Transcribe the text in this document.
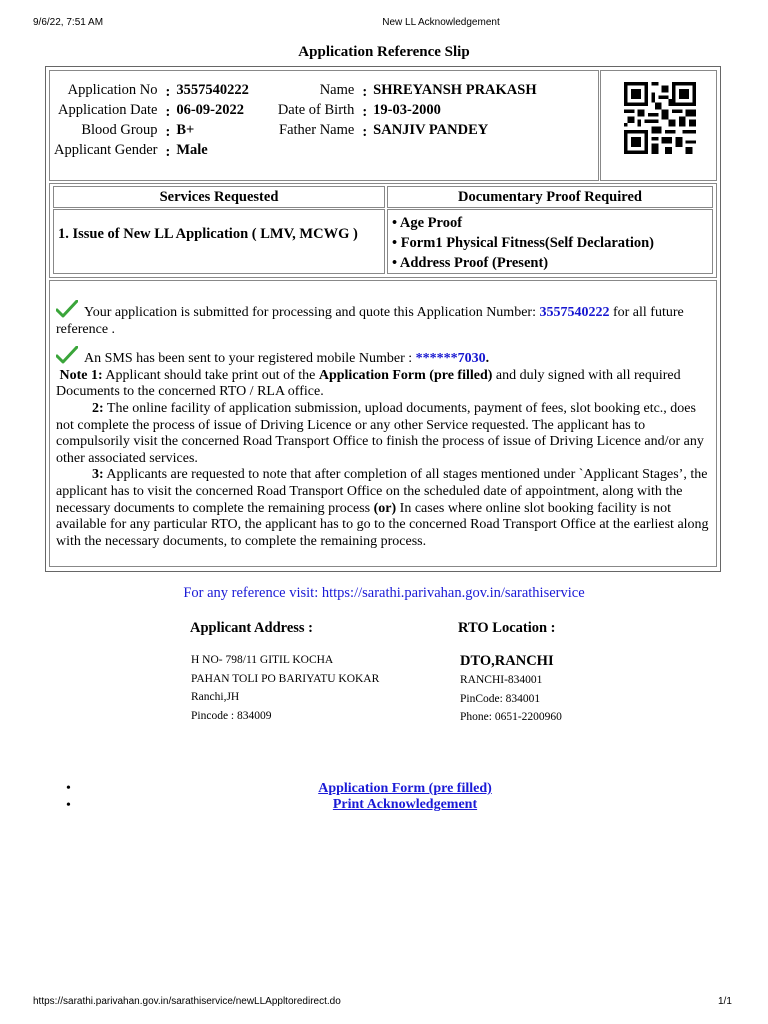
9/6/22, 7:51 AM	New LL Acknowledgement
Application Reference Slip
Application No	:	3557540222	Name	:	SHREYANSH PRAKASH
Application Date	:	06-09-2022	Date of Birth	:	19-03-2000
Blood Group	:	B+	Father Name	:	SANJIV PANDEY
Applicant Gender	:	Male			
Services Requested	Documentary Proof Required
1. Issue of New LL Application ( LMV, MCWG )
• Age Proof
• Form1 Physical Fitness(Self Declaration)
• Address Proof (Present)

Your application is submitted for processing and quote this Application Number: 3557540222 for all future reference .

An SMS has been sent to your registered mobile Number : ******7030.

Note 1: Applicant should take print out of the Application Form (pre filled) and duly signed with all required Documents to the concerned RTO / RLA office.

2: The online facility of application submission, upload documents, payment of fees, slot booking etc., does not complete the process of issue of Driving Licence or any other Service requested. The applicant has to compulsorily visit the concerned Road Transport Office to finish the process of issue of Driving Licence and/or any other associated services.

3: Applicants are requested to note that after completion of all stages mentioned under `Applicant Stages’, the applicant has to visit the concerned Road Transport Office on the scheduled date of appointment, along with the necessary documents to complete the remaining process (or) In cases where online slot booking facility is not available for any particular RTO, the applicant has to go to the concerned Road Transport Office at the earliest along with the necessary documents, to complete the remaining process.

For any reference visit: https://sarathi.parivahan.gov.in/sarathiservice
Applicant Address :	RTO Location :
H NO- 798/11 GITIL KOCHA
PAHAN TOLI PO BARIYATU KOKAR
Ranchi,JH
Pincode : 834009
DTO,RANCHI
RANCHI-834001
PinCode: 834001
Phone: 0651-2200960
•
•
Application Form (pre filled)
Print Acknowledgement
https://sarathi.parivahan.gov.in/sarathiservice/newLLAppltoredirect.do	1/1
